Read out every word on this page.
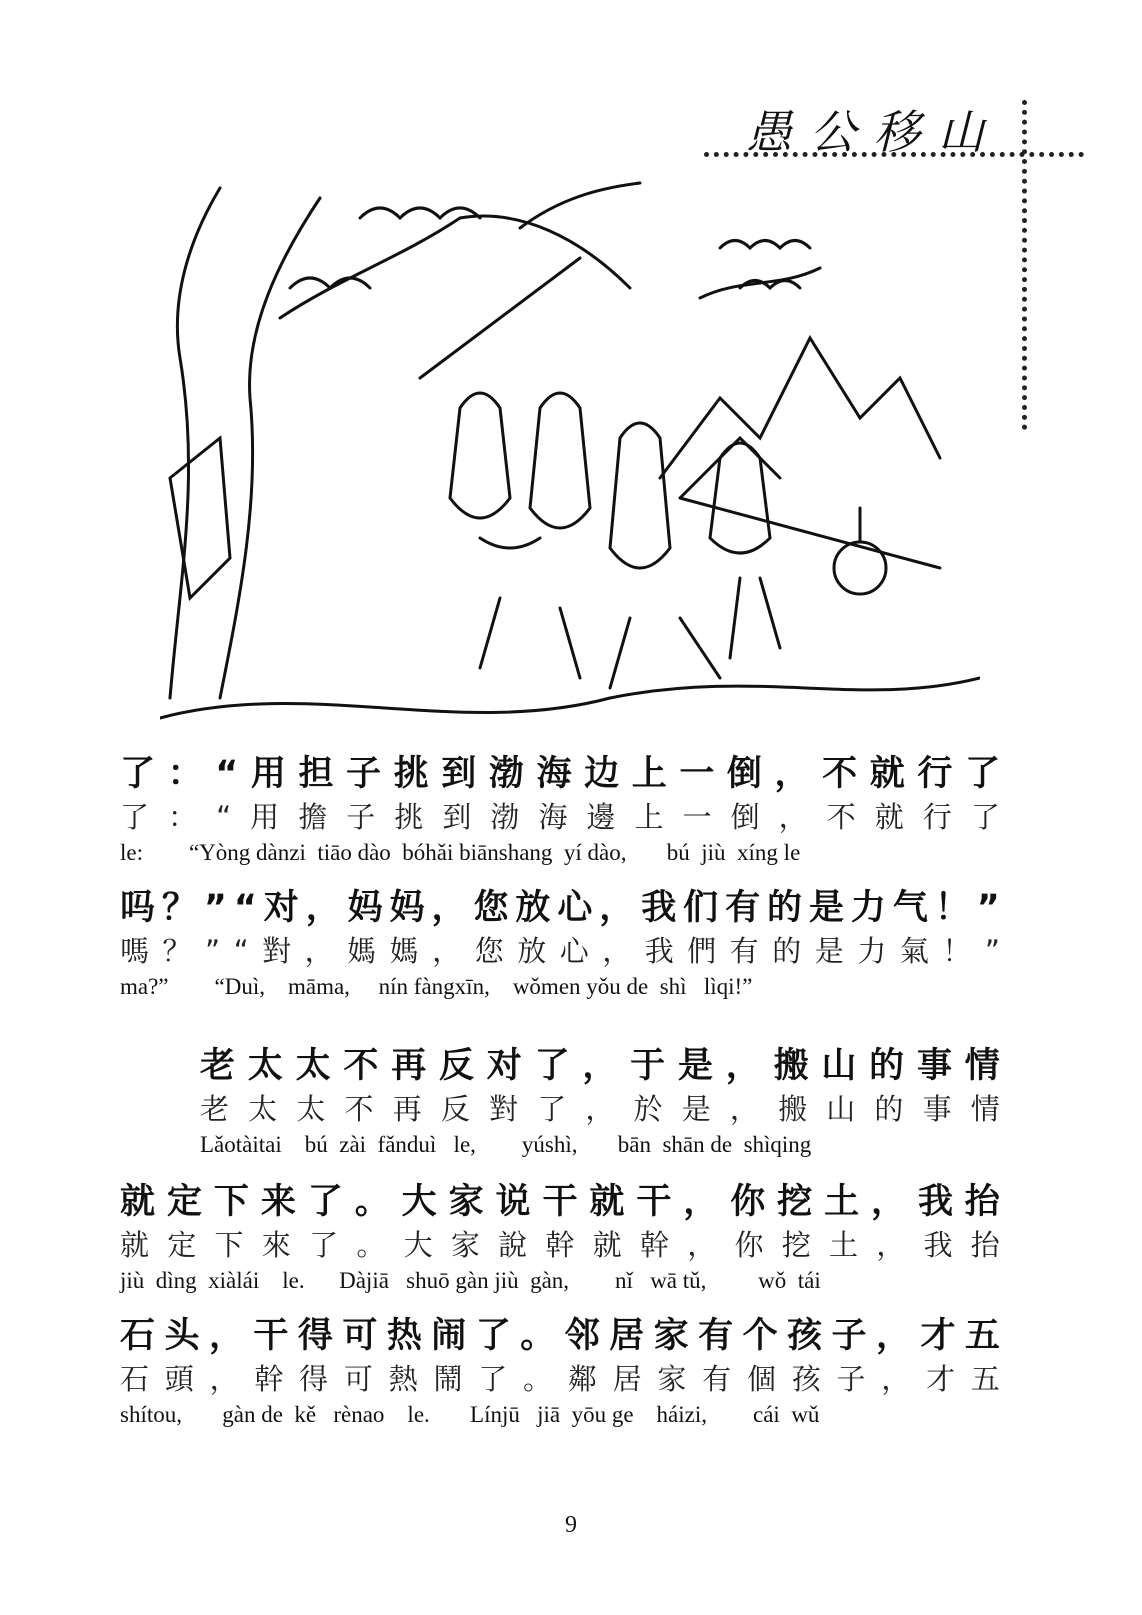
愚公移山
了 ： “ 用 担 子 挑 到 渤 海 边 上 一 倒 ， 不 就 行 了
了 ： “ 用 擔 子 挑 到 渤 海 邊 上 一 倒 ， 不 就 行 了
le:        “Yòng dànzi  tiāo dào  bóhǎi biānshang  yí dào,       bú  jiù  xíng le
吗 ？ ” “ 对 ， 妈 妈 ， 您 放 心 ， 我 们 有 的 是 力 气 ！ ”
嗎 ？ ” “ 對 ， 媽 媽 ， 您 放 心 ， 我 們 有 的 是 力 氣 ！ ”
ma?”        “Duì,    māma,     nín fàngxīn,    wǒmen yǒu de  shì   lìqi!”
老 太 太 不 再 反 对 了 ， 于 是 ， 搬 山 的 事 情
老 太 太 不 再 反 對 了 ， 於 是 ， 搬 山 的 事 情
Lǎotàitai    bú  zài  fǎnduì   le,        yúshì,       bān  shān de  shìqing
就 定 下 来 了 。 大 家 说 干 就 干 ， 你 挖 土 ， 我 抬
就 定 下 來 了 。 大 家 說 幹 就 幹 ， 你 挖 土 ， 我 抬
jiù  dìng  xiàlái    le.      Dàjiā   shuō gàn jiù  gàn,        nǐ   wā tǔ,         wǒ  tái
石 头 ， 干 得 可 热 闹 了 。 邻 居 家 有 个 孩 子 ， 才 五
石 頭 ， 幹 得 可 熱 鬧 了 。 鄰 居 家 有 個 孩 子 ， 才 五
shítou,       gàn de  kě   rènao    le.       Línjū   jiā  yōu ge    háizi,        cái  wǔ
9
